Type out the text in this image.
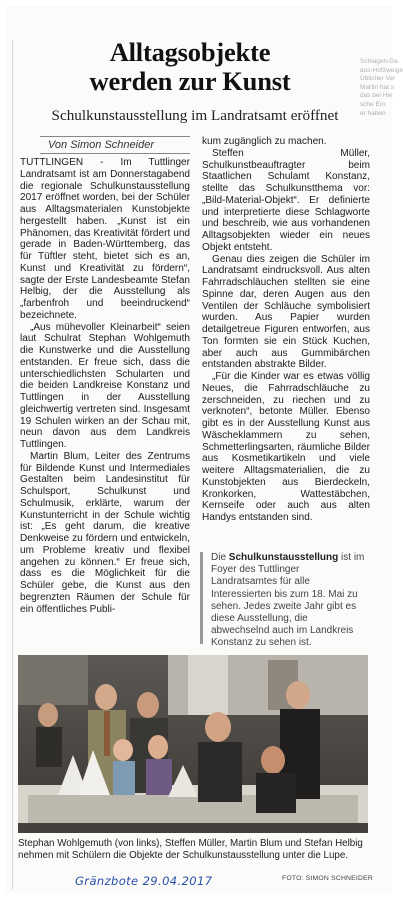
Schlagen-Ge
aus-Hofzweige
Üblicher Ver
Martin hat s
das bei Hei
sche Ern
er haben
Alltagsobjekte
werden zur Kunst
Schulkunstausstellung im Landratsamt eröffnet
Von Simon Schneider

TUTTLINGEN - Im Tuttlinger Landratsamt ist am Donnerstagabend die regionale Schulkunstausstellung 2017 eröffnet worden, bei der Schüler aus Alltagsmaterialen Kunstobjekte hergestellt haben. „Kunst ist ein Phänomen, das Kreativität fördert und gerade in Baden-Württemberg, das für Tüftler steht, bietet sich es an, Kunst und Kreativität zu fördern“, sagte der Erste Landesbeamte Stefan Helbig, der die Ausstellung als „farbenfroh und beeindruckend“ bezeichnete.

„Aus mühevoller Kleinarbeit“ seien laut Schulrat Stephan Wohlgemuth die Kunstwerke und die Ausstellung entstanden. Er freue sich, dass die unterschiedlichsten Schularten und die beiden Landkreise Konstanz und Tuttlingen in der Ausstellung gleichwertig vertreten sind. Insgesamt 19 Schulen wirken an der Schau mit, neun davon aus dem Landkreis Tuttlingen.

Martin Blum, Leiter des Zentrums für Bildende Kunst und Intermediales Gestalten beim Landesinstitut für Schulsport, Schulkunst und Schulmusik, erklärte, warum der Kunstunterricht in der Schule wichtig ist: „Es geht darum, die kreative Denkweise zu fördern und entwickeln, um Probleme kreativ und flexibel angehen zu können.“ Er freue sich, dass es die Möglichkeit für die Schüler gebe, die Kunst aus den begrenzten Räumen der Schule für ein öffentliches Publi-

kum zugänglich zu machen.

Steffen Müller, Schulkunstbeauftragter beim Staatlichen Schulamt Konstanz, stellte das Schulkunstthema vor: „Bild-Material-Objekt“. Er definierte und interpretierte diese Schlagworte und beschreib, wie aus vorhandenen Alltagsobjekten wieder ein neues Objekt entsteht.

Genau dies zeigen die Schüler im Landratsamt eindrucksvoll. Aus alten Fahrradschläuchen stellten sie eine Spinne dar, deren Augen aus den Ventilen der Schläuche symbolisiert wurden. Aus Papier wurden detailgetreue Figuren entworfen, aus Ton formten sie ein Stück Kuchen, aber auch aus Gummibärchen entstanden abstrakte Bilder.

„Für die Kinder war es etwas völlig Neues, die Fahrradschläuche zu zerschneiden, zu riechen und zu verknoten“, betonte Müller. Ebenso gibt es in der Ausstellung Kunst aus Wäscheklammern zu sehen, Schmetterlingsarten, räumliche Bilder aus Kosmetikartikeln und viele weitere Alltagsmaterialien, die zu Kunstobjekten aus Bierdeckeln, Kronkorken, Wattestäbchen, Kernseife oder auch aus alten Handys entstanden sind.

Die Schulkunstausstellung ist im Foyer des Tuttlinger Landratsamtes für alle Interessierten bis zum 18. Mai zu sehen. Jedes zweite Jahr gibt es diese Ausstellung, die abwechselnd auch im Landkreis Konstanz zu sehen ist.
Stephan Wohlgemuth (von links), Steffen Müller, Martin Blum und Stefan Helbig nehmen mit Schülern die Objekte der Schulkunstausstellung unter die Lupe.
Gränzbote 29.04.2017	FOTO: SIMON SCHNEIDER
